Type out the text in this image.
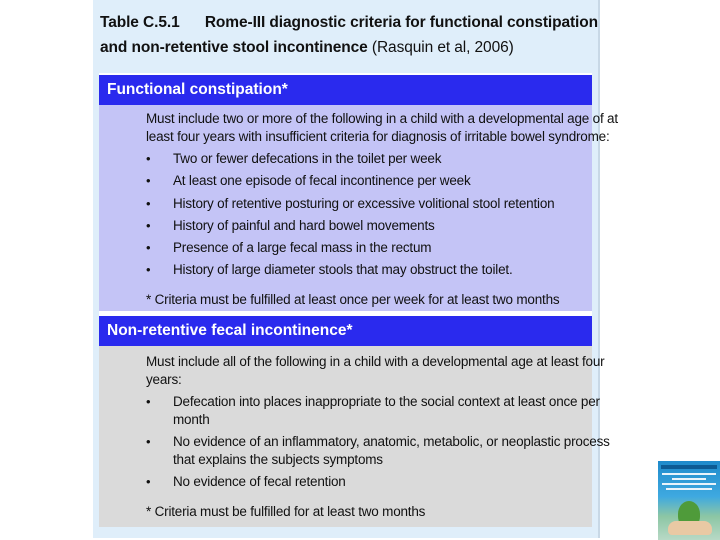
Table C.5.1 Rome-III diagnostic criteria for functional constipation
and non-retentive stool incontinence (Rasquin et al, 2006)
Functional constipation*
Must include two or more of the following in a child with a developmental age of at
least four years with insufficient criteria for diagnosis of irritable bowel syndrome:
• Two or fewer defecations in the toilet per week
• At least one episode of fecal incontinence per week
• History of retentive posturing or excessive volitional stool retention
• History of painful and hard bowel movements
• Presence of a large fecal mass in the rectum
• History of large diameter stools that may obstruct the toilet.
* Criteria must be fulfilled at least once per week for at least two months
Non-retentive fecal incontinence*
Must include all of the following in a child with a developmental age at least four
years:
• Defecation into places inappropriate to the social context at least once per
month
• No evidence of an inflammatory, anatomic, metabolic, or neoplastic process
that explains the subjects symptoms
• No evidence of fecal retention
* Criteria must be fulfilled for at least two months
